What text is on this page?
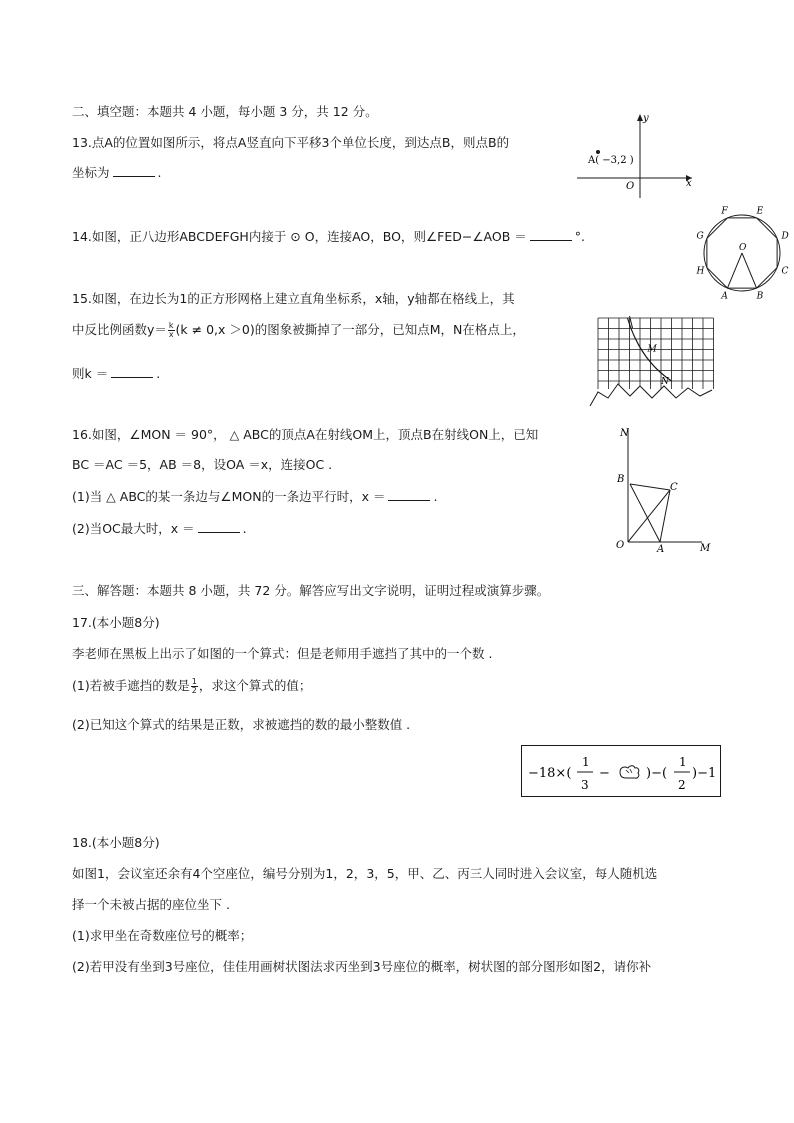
二、填空题：本题共 4 小题，每小题 3 分，共 12 分。
13.点A的位置如图所示，将点A竖直向下平移3个单位长度，到达点B，则点B的
坐标为	.
A( −3,2 )
x
y
O
14.如图，正八边形ABCDEFGH内接于 ⊙ O，连接AO，BO，则∠FED−∠AOB ＝	°.
A	B
C
D
E
F
G
H
O
15.如图，在边长为1的正方形网格上建立直角坐标系，x轴，y轴都在格线上，其
中反比例函数$y= \frac{k}{x} (k \ne 0,x >0)$的图象被撕掉了一部分，已知点M，N在格点上，
则k ＝	.
M
N
16.如图，∠MON ＝ 90°， △ ABC的顶点A在射线OM上，顶点B在射线ON上，已知
BC ＝AC ＝5，AB ＝8，设OA ＝x，连接OC .
(1)当 △ ABC的某一条边与∠MON的一条边平行时，x ＝	.
(2)当OC最大时，x ＝	.
N
B
C
O	A	M
三、解答题：本题共 8 小题，共 72 分。解答应写出文字说明，证明过程或演算步骤。
17.(本小题8分)
李老师在黑板上出示了如图的一个算式：但是老师用手遮挡了其中的一个数 .
(1)若被手遮挡的数是 $\frac{1}{2}$ ，求这个算式的值；
(2)已知这个算式的结果是正数，求被遮挡的数的最小整数值 .
−18×(
1
3
−	)−(
1
2
)−1
18.(本小题8分)
如图1，会议室还余有4个空座位，编号分别为1，2，3，5，甲、乙、丙三人同时进入会议室，每人随机选
择一个未被占据的座位坐下 .
(1)求甲坐在奇数座位号的概率；
(2)若甲没有坐到3号座位，佳佳用画树状图法求丙坐到3号座位的概率，树状图的部分图形如图2，请你补
